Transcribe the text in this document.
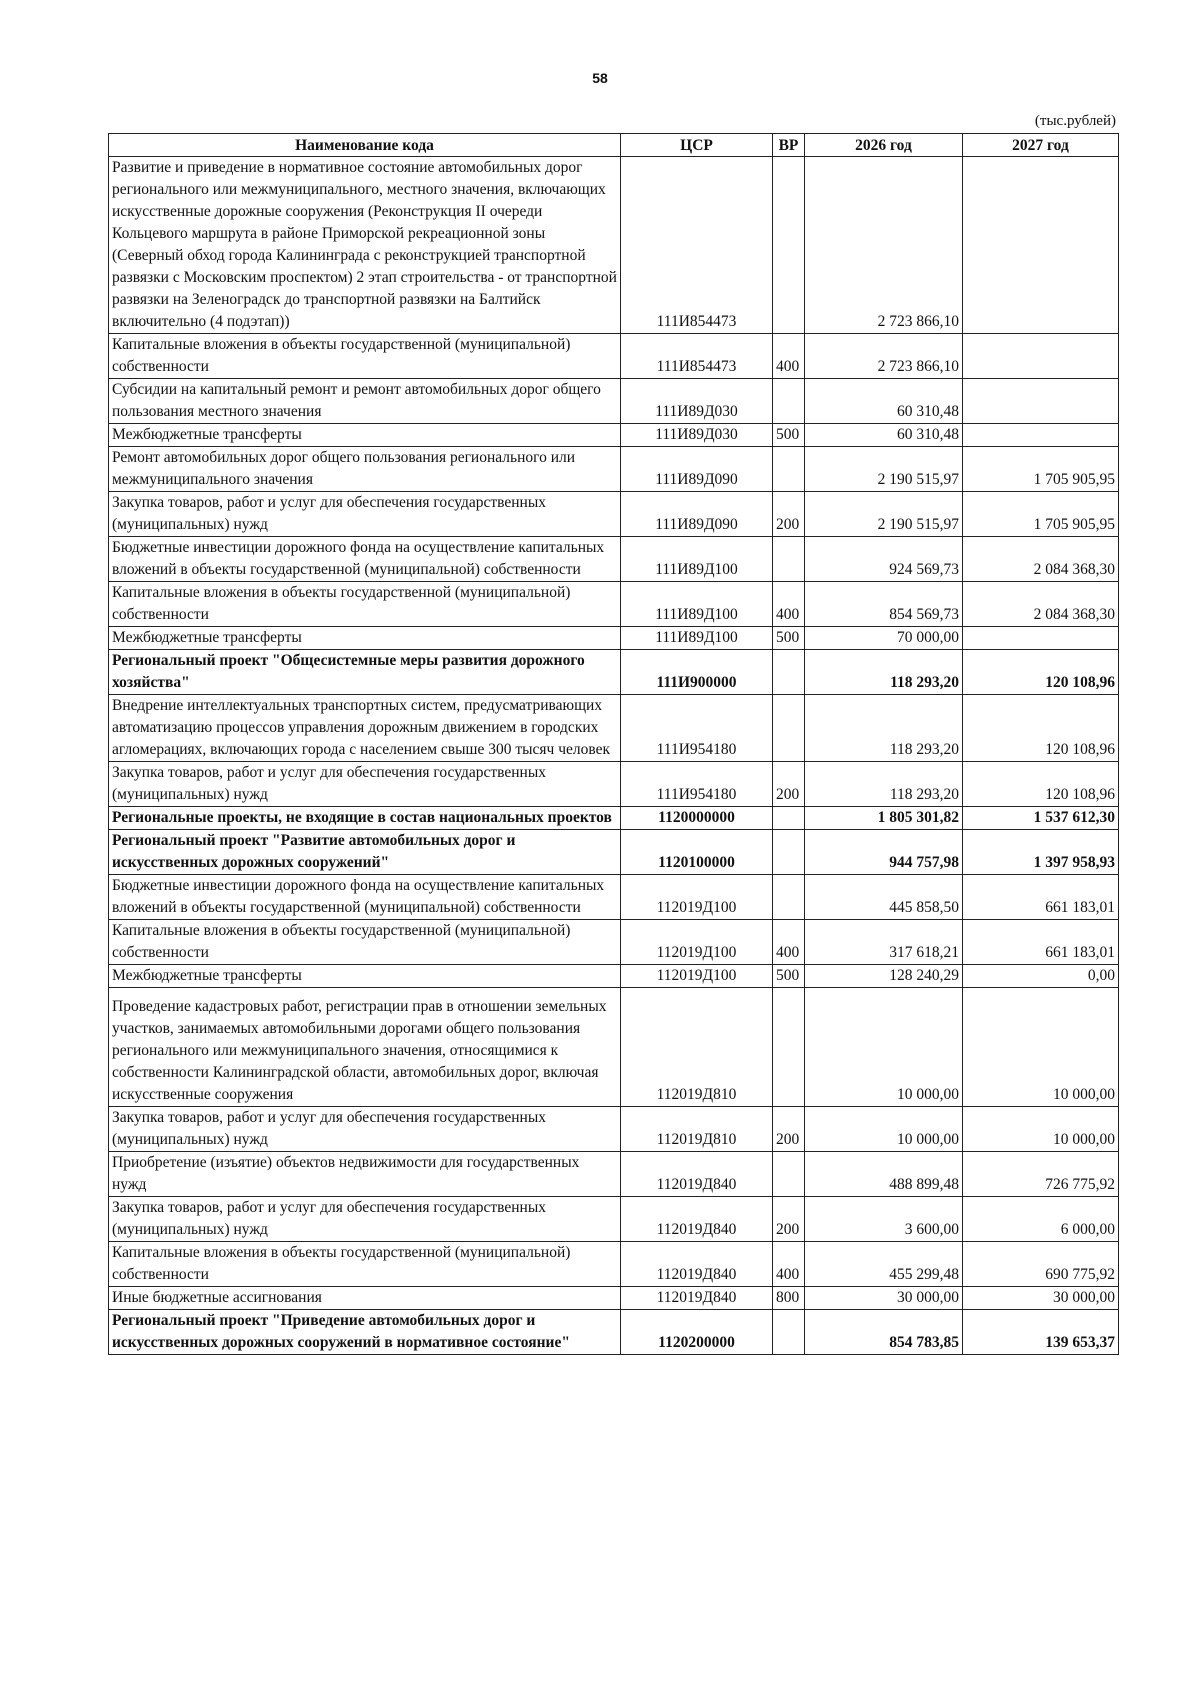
58
(тыс.рублей)
Наименование кода	ЦСР	ВР	2026 год	2027 год
Развитие и приведение в нормативное состояние автомобильных дорог регионального или межмуниципального, местного значения, включающих искусственные дорожные сооружения (Реконструкция II очереди Кольцевого маршрута в районе Приморской рекреационной зоны (Северный обход города Калининграда с реконструкцией транспортной развязки с Московским проспектом) 2 этап строительства - от транспортной развязки на Зеленоградск до транспортной развязки на Балтийск включительно (4 подэтап))	111И854473		2 723 866,10	
Капитальные вложения в объекты государственной (муниципальной) собственности	111И854473	400	2 723 866,10	
Субсидии на капитальный ремонт и ремонт автомобильных дорог общего пользования местного значения	111И89Д030		60 310,48	
Межбюджетные трансферты	111И89Д030	500	60 310,48	
Ремонт автомобильных дорог общего пользования регионального или межмуниципального значения	111И89Д090		2 190 515,97	1 705 905,95
Закупка товаров, работ и услуг для обеспечения государственных (муниципальных) нужд	111И89Д090	200	2 190 515,97	1 705 905,95
Бюджетные инвестиции дорожного фонда на осуществление капитальных вложений в объекты государственной (муниципальной) собственности	111И89Д100		924 569,73	2 084 368,30
Капитальные вложения в объекты государственной (муниципальной) собственности	111И89Д100	400	854 569,73	2 084 368,30
Межбюджетные трансферты	111И89Д100	500	70 000,00	
Региональный проект "Общесистемные меры развития дорожного хозяйства"	111И900000		118 293,20	120 108,96
Внедрение интеллектуальных транспортных систем, предусматривающих автоматизацию процессов управления дорожным движением в городских агломерациях, включающих города с населением свыше 300 тысяч человек	111И954180		118 293,20	120 108,96
Закупка товаров, работ и услуг для обеспечения государственных (муниципальных) нужд	111И954180	200	118 293,20	120 108,96
Региональные проекты, не входящие в состав национальных проектов	1120000000		1 805 301,82	1 537 612,30
Региональный проект "Развитие автомобильных дорог и искусственных дорожных сооружений"	1120100000		944 757,98	1 397 958,93
Бюджетные инвестиции дорожного фонда на осуществление капитальных вложений в объекты государственной (муниципальной) собственности	112019Д100		445 858,50	661 183,01
Капитальные вложения в объекты государственной (муниципальной) собственности	112019Д100	400	317 618,21	661 183,01
Межбюджетные трансферты	112019Д100	500	128 240,29	0,00
Проведение кадастровых работ, регистрации прав в отношении земельных участков, занимаемых автомобильными дорогами общего пользования регионального или межмуниципального значения, относящимися к собственности Калининградской области, автомобильных дорог, включая искусственные сооружения	112019Д810		10 000,00	10 000,00
Закупка товаров, работ и услуг для обеспечения государственных (муниципальных) нужд	112019Д810	200	10 000,00	10 000,00
Приобретение (изъятие) объектов недвижимости для государственных нужд	112019Д840		488 899,48	726 775,92
Закупка товаров, работ и услуг для обеспечения государственных (муниципальных) нужд	112019Д840	200	3 600,00	6 000,00
Капитальные вложения в объекты государственной (муниципальной) собственности	112019Д840	400	455 299,48	690 775,92
Иные бюджетные ассигнования	112019Д840	800	30 000,00	30 000,00
Региональный проект "Приведение автомобильных дорог и искусственных дорожных сооружений в нормативное состояние"	1120200000		854 783,85	139 653,37
